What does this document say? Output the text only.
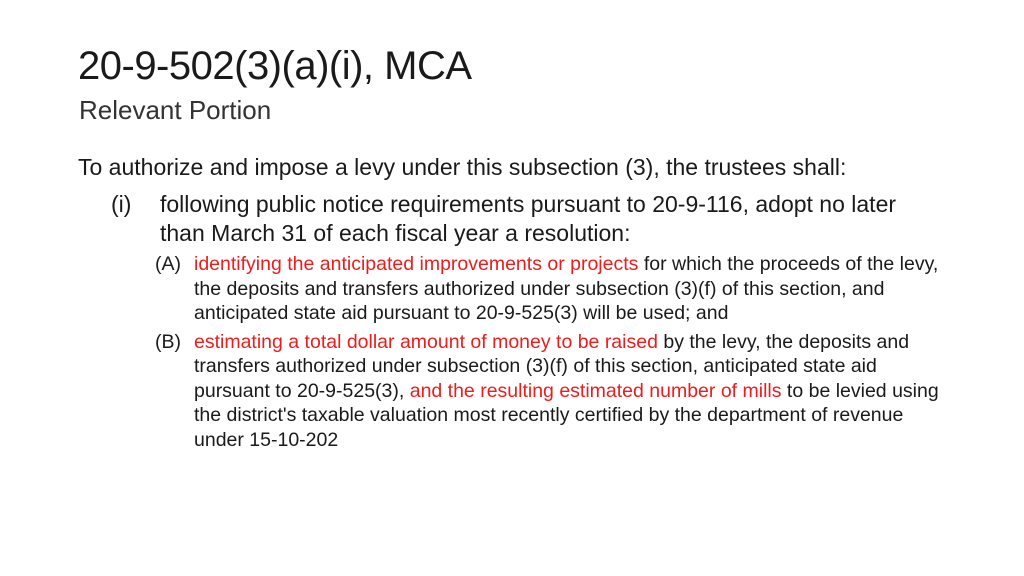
20-9-502(3)(a)(i), MCA

Relevant Portion

To authorize and impose a levy under this subsection (3), the trustees shall:

(i) following public notice requirements pursuant to 20-9-116, adopt no later than March 31 of each fiscal year a resolution:

(A) identifying the anticipated improvements or projects for which the proceeds of the levy, the deposits and transfers authorized under subsection (3)(f) of this section, and anticipated state aid pursuant to 20-9-525(3) will be used; and

(B) estimating a total dollar amount of money to be raised by the levy, the deposits and transfers authorized under subsection (3)(f) of this section, anticipated state aid pursuant to 20-9-525(3), and the resulting estimated number of mills to be levied using the district's taxable valuation most recently certified by the department of revenue under 15-10-202
